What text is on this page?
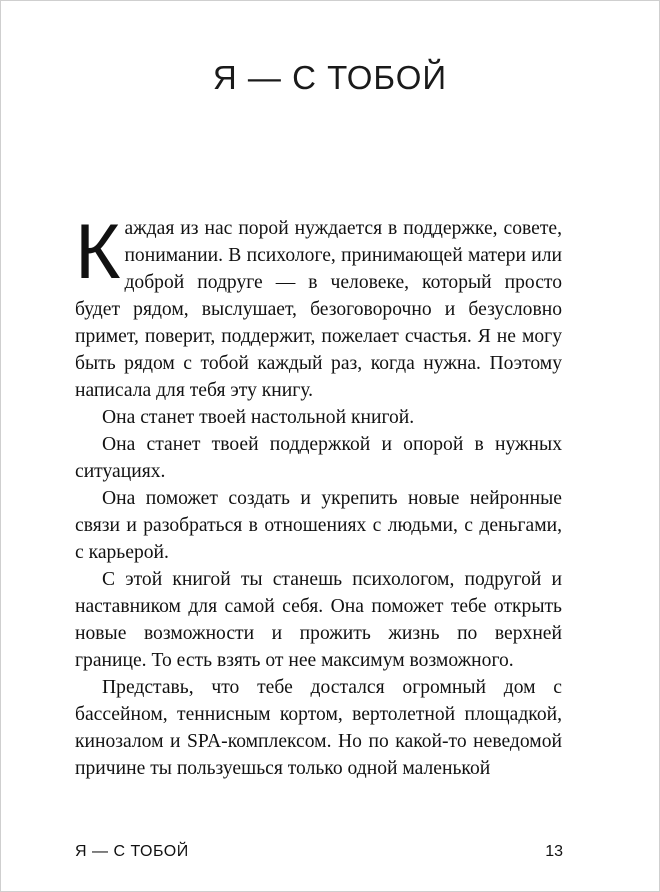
Я — С ТОБОЙ

Каждая из нас порой нуждается в поддержке, совете, понимании. В психологе, принимающей матери или доброй подруге — в человеке, который просто будет рядом, выслушает, безоговорочно и безусловно примет, поверит, поддержит, пожелает счастья. Я не могу быть рядом с тобой каждый раз, когда нужна. Поэтому написала для тебя эту книгу.

Она станет твоей настольной книгой.

Она станет твоей поддержкой и опорой в нужных ситуациях.

Она поможет создать и укрепить новые нейронные связи и разобраться в отношениях с людьми, с деньгами, с карьерой.

С этой книгой ты станешь психологом, подругой и наставником для самой себя. Она поможет тебе открыть новые возможности и прожить жизнь по верхней границе. То есть взять от нее максимум возможного.

Представь, что тебе достался огромный дом с бассейном, теннисным кортом, вертолетной площадкой, кинозалом и SPA-комплексом. Но по какой-то неведомой причине ты пользуешься только одной маленькой

Я — С ТОБОЙ	13
